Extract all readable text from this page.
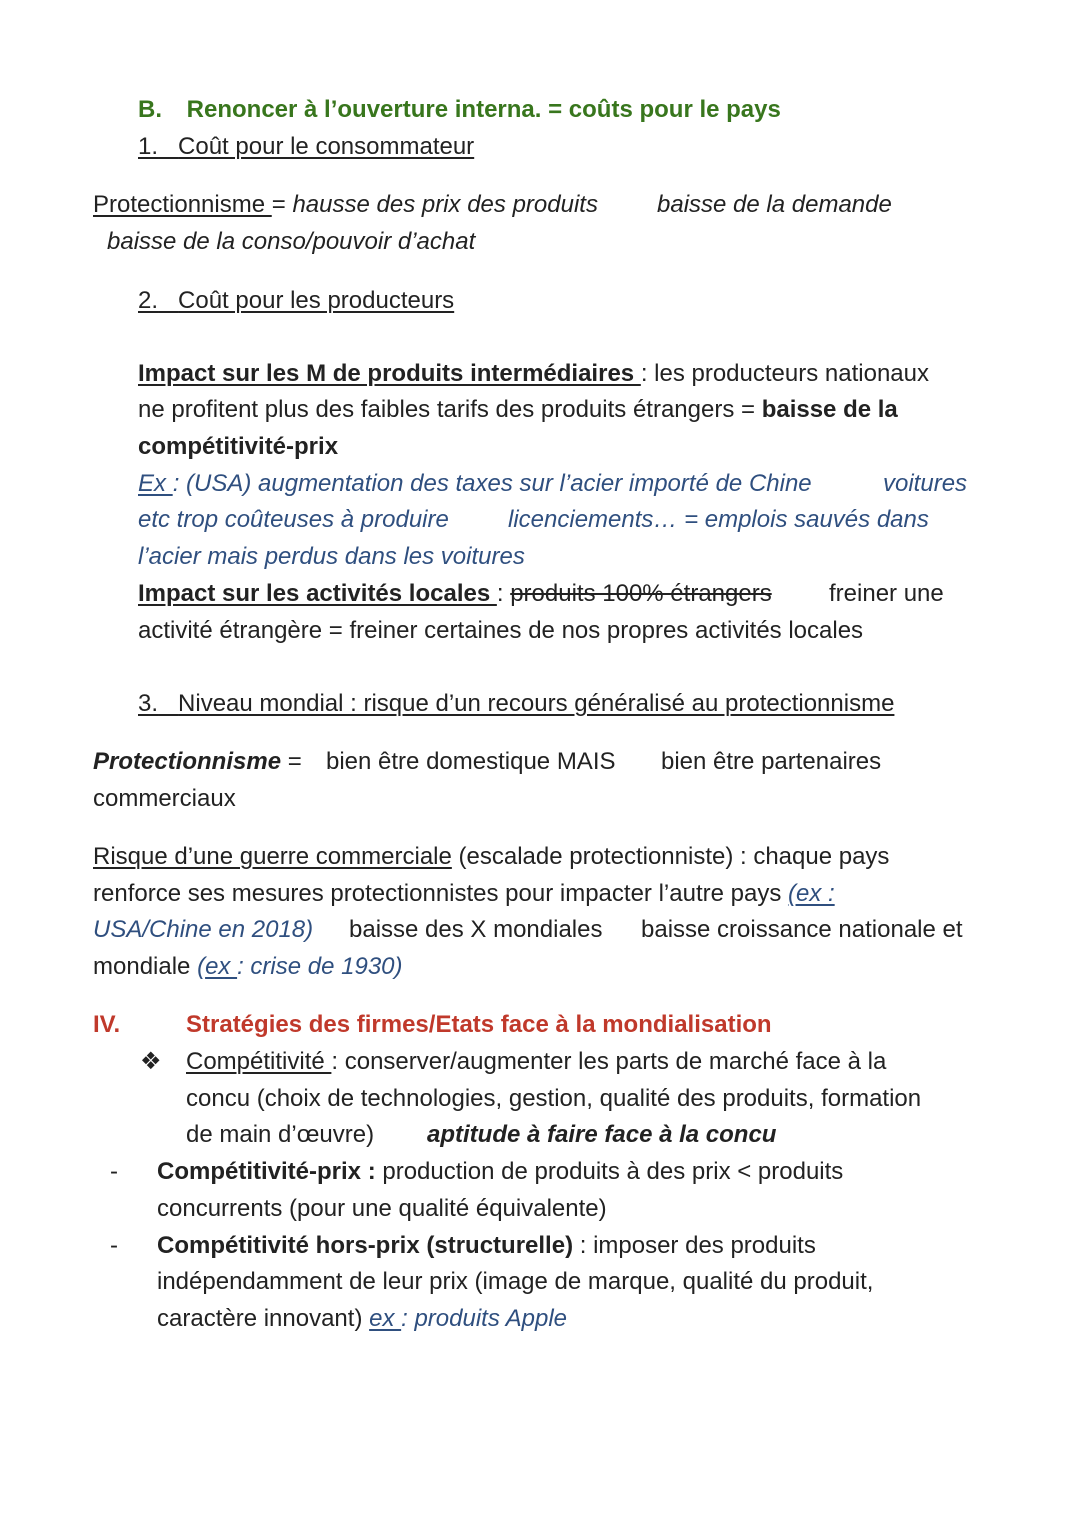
B. Renoncer à l’ouverture interna. = coûts pour le pays
1. Coût pour le consommateur
Protectionnisme = hausse des prix des produits baisse de la demande
baisse de la conso/pouvoir d’achat
2. Coût pour les producteurs
Impact sur les M de produits intermédiaires : les producteurs nationaux
ne profitent plus des faibles tarifs des produits étrangers = baisse de la
compétitivité-prix
Ex : (USA) augmentation des taxes sur l’acier importé de Chine	voitures
etc trop coûteuses à produire licenciements… = emplois sauvés dans
l’acier mais perdus dans les voitures
Impact sur les activités locales : produits 100% étrangers freiner une
activité étrangère = freiner certaines de nos propres activités locales
3. Niveau mondial : risque d’un recours généralisé au protectionnisme
Protectionnisme = bien être domestique MAIS bien être partenaires
commerciaux
Risque d’une guerre commerciale (escalade protectionniste) : chaque pays
renforce ses mesures protectionnistes pour impacter l’autre pays (ex :
USA/Chine en 2018) baisse des X mondiales baisse croissance nationale et
mondiale (ex : crise de 1930)
IV.	Stratégies des firmes/Etats face à la mondialisation
❖ Compétitivité : conserver/augmenter les parts de marché face à la
concu (choix de technologies, gestion, qualité des produits, formation
de main d’œuvre) aptitude à faire face à la concu
- Compétitivité-prix : production de produits à des prix < produits
concurrents (pour une qualité équivalente)
- Compétitivité hors-prix (structurelle) : imposer des produits
indépendamment de leur prix (image de marque, qualité du produit,
caractère innovant) ex : produits Apple
